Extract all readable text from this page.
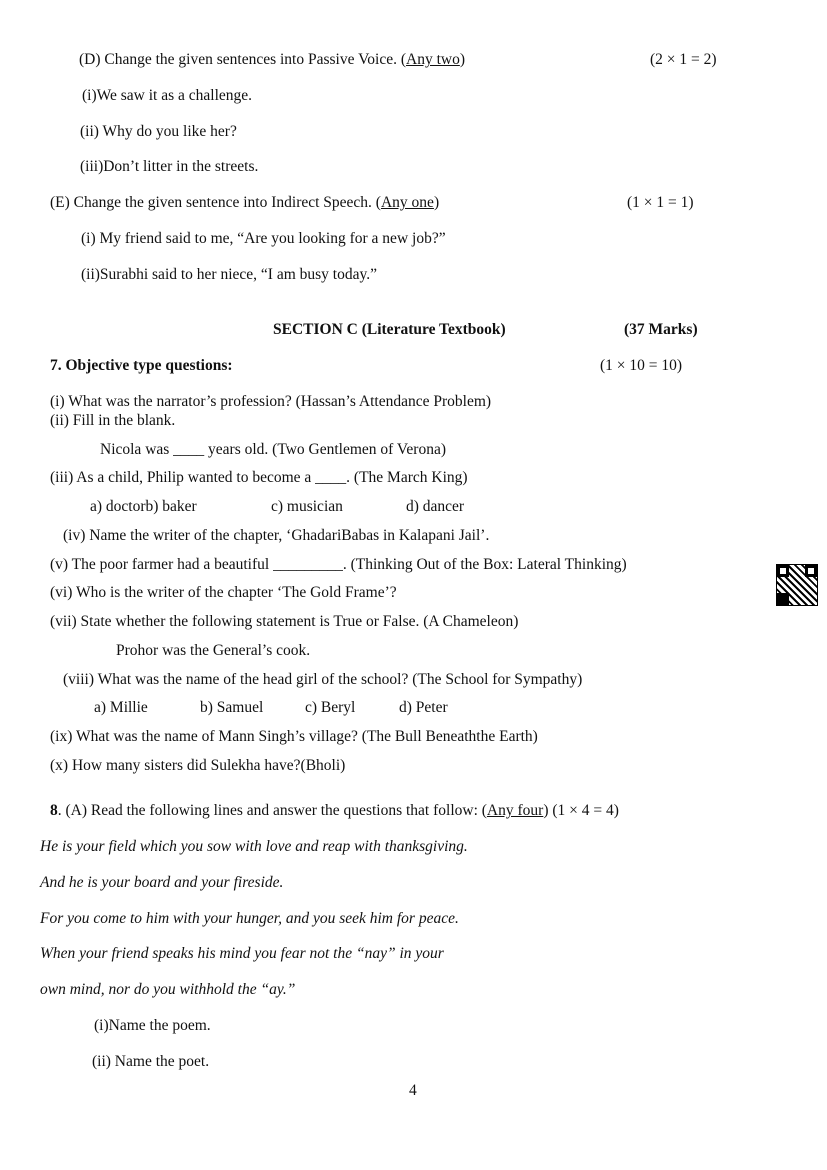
(D) Change the given sentences into Passive Voice. (Any two)	(2 × 1 = 2)
(i)We saw it as a challenge.
(ii) Why do you like her?
(iii)Don’t litter in the streets.
(E) Change the given sentence into Indirect Speech. (Any one)	(1 × 1 = 1)
(i) My friend said to me, “Are you looking for a new job?”
(ii)Surabhi said to her niece, “I am busy today.”
SECTION C (Literature Textbook)	(37 Marks)
7. Objective type questions:	(1 × 10 = 10)
(i) What was the narrator’s profession? (Hassan’s Attendance Problem)
(ii) Fill in the blank.
Nicola was ____ years old. (Two Gentlemen of Verona)
(iii) As a child, Philip wanted to become a ____. (The March King)
a) doctorb) baker	c) musician	d) dancer
(iv) Name the writer of the chapter, ‘GhadariBabas in Kalapani Jail’.
(v) The poor farmer had a beautiful _________. (Thinking Out of the Box: Lateral Thinking)
(vi) Who is the writer of the chapter ‘The Gold Frame’?
(vii) State whether the following statement is True or False. (A Chameleon)
Prohor was the General’s cook.
(viii) What was the name of the head girl of the school? (The School for Sympathy)
a) Millie	b) Samuel	c) Beryl	d) Peter
(ix) What was the name of Mann Singh’s village? (The Bull Beneaththe Earth)
(x) How many sisters did Sulekha have?(Bholi)
8. (A) Read the following lines and answer the questions that follow: (Any four) (1 × 4 = 4)
He is your field which you sow with love and reap with thanksgiving.
And he is your board and your fireside.
For you come to him with your hunger, and you seek him for peace.
When your friend speaks his mind you fear not the “nay” in your
own mind, nor do you withhold the “ay.”
(i)Name the poem.
(ii) Name the poet.
4
